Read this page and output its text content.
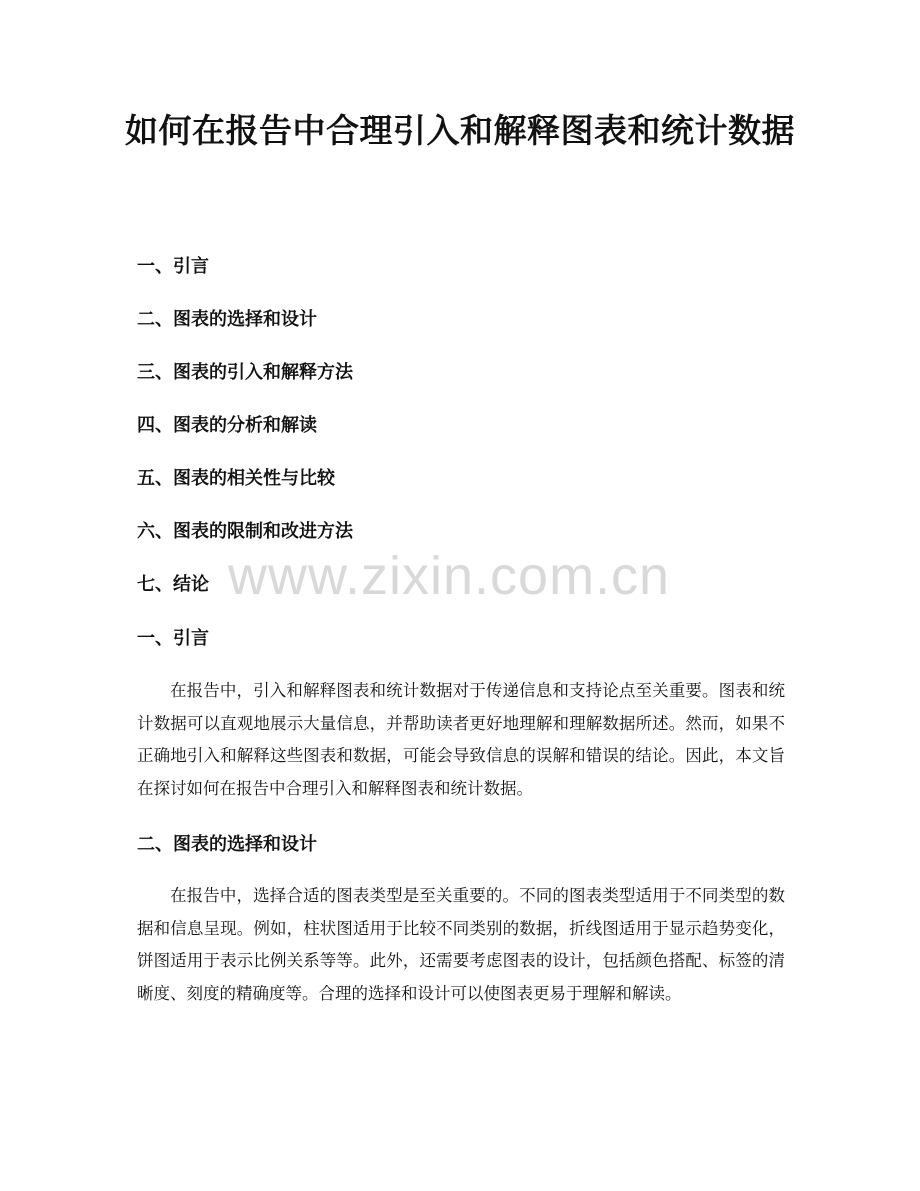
如何在报告中合理引入和解释图表和统计数据
一、引言
二、图表的选择和设计
三、图表的引入和解释方法
四、图表的分析和解读
五、图表的相关性与比较
六、图表的限制和改进方法
七、结论 www.zixin.com.cn
一、引言

在报告中，引入和解释图表和统计数据对于传递信息和支持论点至关重要。图表和统计数据可以直观地展示大量信息，并帮助读者更好地理解和理解数据所述。然而，如果不正确地引入和解释这些图表和数据，可能会导致信息的误解和错误的结论。因此，本文旨在探讨如何在报告中合理引入和解释图表和统计数据。

二、图表的选择和设计

在报告中，选择合适的图表类型是至关重要的。不同的图表类型适用于不同类型的数据和信息呈现。例如，柱状图适用于比较不同类别的数据，折线图适用于显示趋势变化，饼图适用于表示比例关系等等。此外，还需要考虑图表的设计，包括颜色搭配、标签的清晰度、刻度的精确度等。合理的选择和设计可以使图表更易于理解和解读。
